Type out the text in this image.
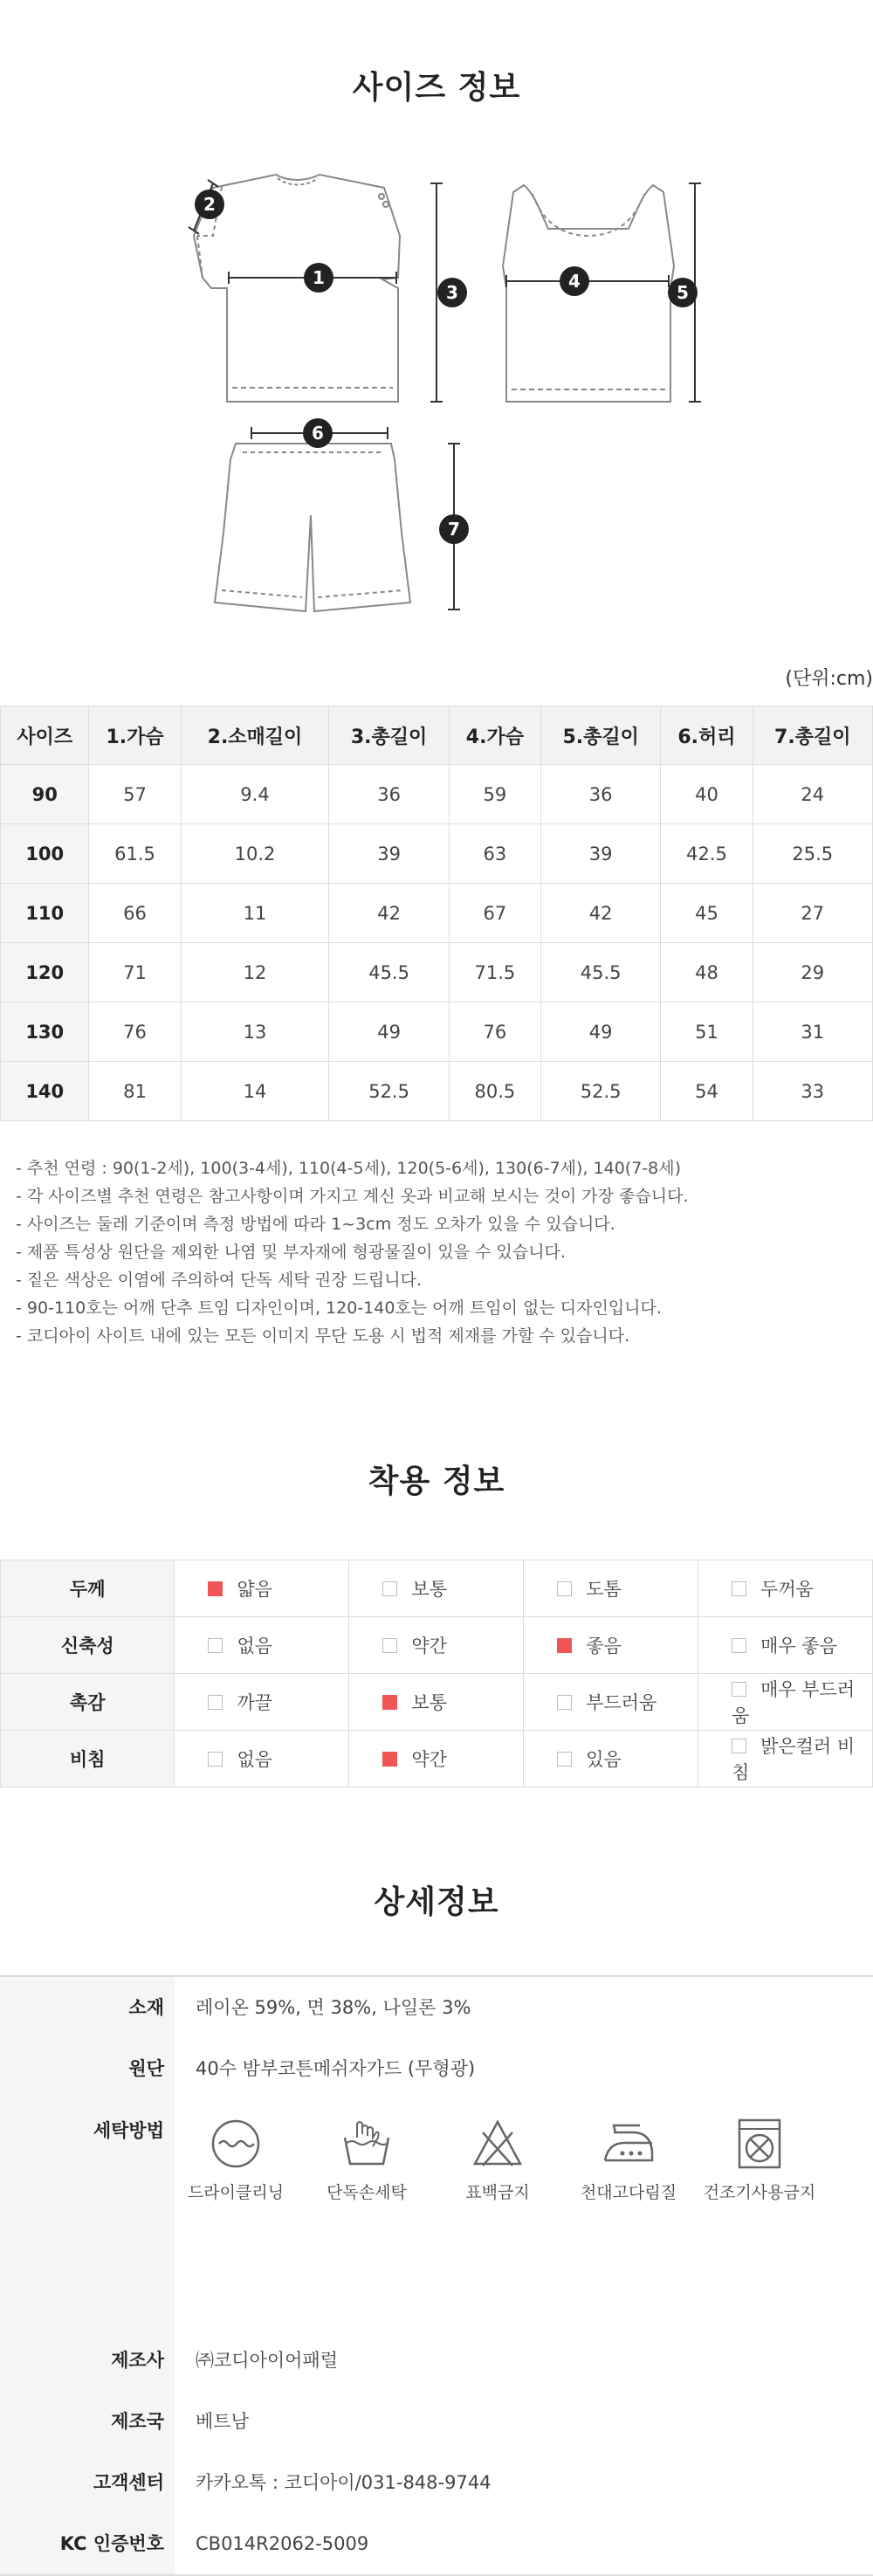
사이즈 정보
1
2
3
4
5
6
7
(단위:cm)
사이즈	1.가슴	2.소매길이	3.총길이	4.가슴	5.총길이	6.허리	7.총길이
90	57	9.4	36	59	36	40	24
100	61.5	10.2	39	63	39	42.5	25.5
110	66	11	42	67	42	45	27
120	71	12	45.5	71.5	45.5	48	29
130	76	13	49	76	49	51	31
140	81	14	52.5	80.5	52.5	54	33
- 추천 연령 : 90(1-2세), 100(3-4세), 110(4-5세), 120(5-6세), 130(6-7세), 140(7-8세)
- 각 사이즈별 추천 연령은 참고사항이며 가지고 계신 옷과 비교해 보시는 것이 가장 좋습니다.
- 사이즈는 둘레 기준이며 측정 방법에 따라 1~3cm 정도 오차가 있을 수 있습니다.
- 제품 특성상 원단을 제외한 나염 및 부자재에 형광물질이 있을 수 있습니다.
- 짙은 색상은 이염에 주의하여 단독 세탁 권장 드립니다.
- 90-110호는 어깨 단추 트임 디자인이며, 120-140호는 어깨 트임이 없는 디자인입니다.
- 코디아이 사이트 내에 있는 모든 이미지 무단 도용 시 법적 제재를 가할 수 있습니다.
착용 정보
두께	얇음	보통	도톰	두꺼움
신축성	없음	약간	좋음	매우 좋음
촉감	까끌	보통	부드러움	매우 부드러움
비침	없음	약간	있음	밝은컬러 비침
상세정보
소재	레이온 59%, 면 38%, 나일론 3%
원단	40수 밤부코튼메쉬자가드 (무형광)
세탁방법
드라이클리닝	단독손세탁	표백금지	천대고다림질	건조기사용금지
제조사	㈜코디아이어패럴
제조국	베트남
고객센터	카카오톡 : 코디아이/031-848-9744
KC 인증번호	CB014R2062-5009
